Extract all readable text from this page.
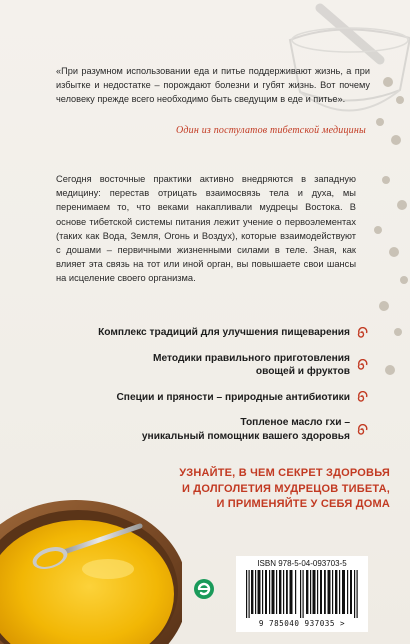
«При разумном использовании еда и питье поддерживают жизнь, а при избытке и недостатке – порождают болезни и губят жизнь. Вот почему человеку прежде всего необходимо быть сведущим в еде и питье».
Один из постулатов тибетской медицины
Сегодня восточные практики активно внедряются в западную медицину: перестав отрицать взаимосвязь тела и духа, мы перенимаем то, что веками накапливали мудрецы Востока. В основе тибетской системы питания лежит учение о первоэлементах (таких как Вода, Земля, Огонь и Воздух), которые взаимодействуют с дошами – первичными жизненными силами в теле. Зная, как влияет эта связь на тот или иной орган, вы повышаете свои шансы на исцеление своего организма.
Комплекс традиций для улучшения пищеварения
Методики правильного приготовления
овощей и фруктов
Специи и пряности – природные антибиотики
Топленое масло гхи –
уникальный помощник вашего здоровья
УЗНАЙТЕ, В ЧЕМ СЕКРЕТ ЗДОРОВЬЯ
И ДОЛГОЛЕТИЯ МУДРЕЦОВ ТИБЕТА,
И ПРИМЕНЯЙТЕ У СЕБЯ ДОМА
ISBN 978-5-04-093703-5
9 785040 937035 >
